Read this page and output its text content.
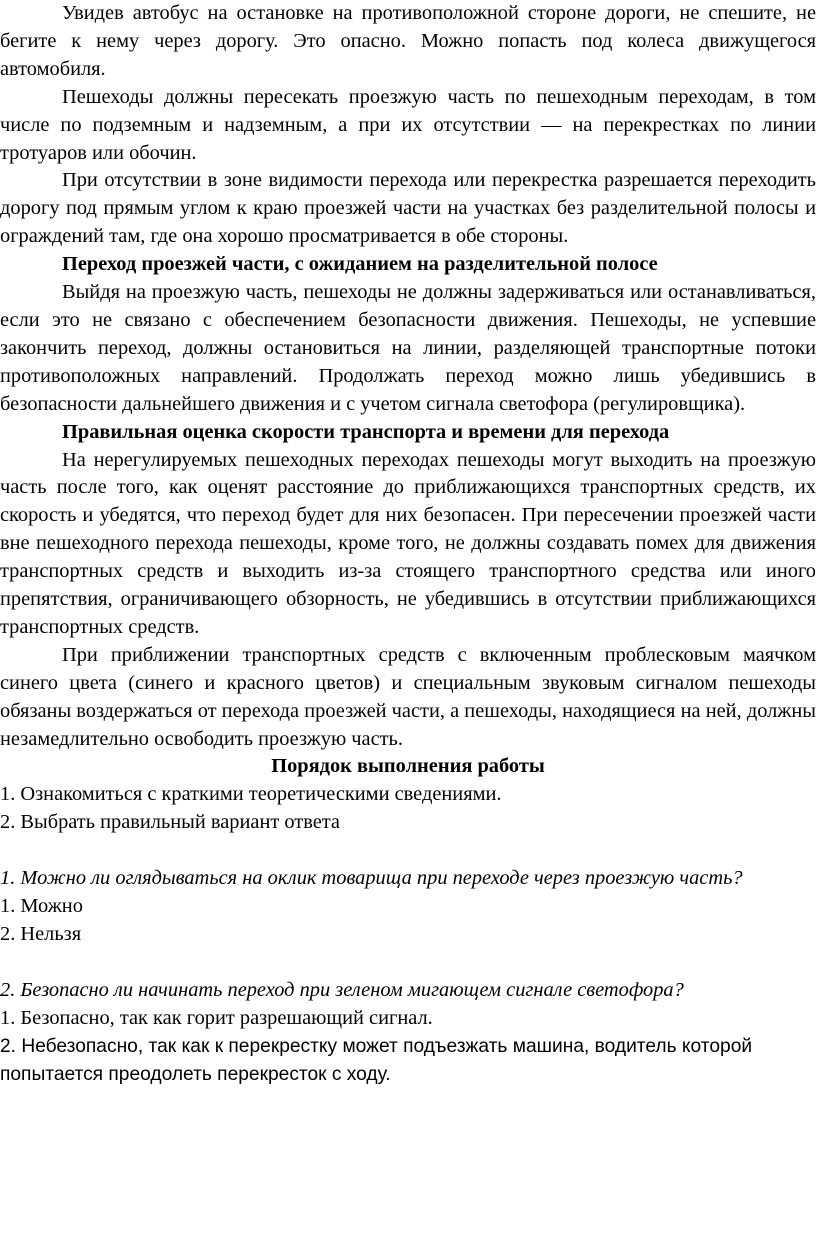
Увидев автобус на остановке на противоположной стороне дороги, не спешите, не бегите к нему через дорогу. Это опасно. Можно попасть под колеса движущегося автомобиля.

Пешеходы должны пересекать проезжую часть по пешеходным переходам, в том числе по подземным и надземным, а при их отсутствии — на перекрестках по линии тротуаров или обочин.

При отсутствии в зоне видимости перехода или перекрестка разрешается переходить дорогу под прямым углом к краю проезжей части на участках без разделительной полосы и ограждений там, где она хорошо просматривается в обе стороны.

Переход проезжей части, с ожиданием на разделительной полосе

Выйдя на проезжую часть, пешеходы не должны задерживаться или останавливаться, если это не связано с обеспечением безопасности движения. Пешеходы, не успевшие закончить переход, должны остановиться на линии, разделяющей транспортные потоки противоположных направлений. Продолжать переход можно лишь убедившись в безопасности дальнейшего движения и с учетом сигнала светофора (регулировщика).

Правильная оценка скорости транспорта и времени для перехода

На нерегулируемых пешеходных переходах пешеходы могут выходить на проезжую часть после того, как оценят расстояние до приближающихся транспортных средств, их скорость и убедятся, что переход будет для них безопасен. При пересечении проезжей части вне пешеходного перехода пешеходы, кроме того, не должны создавать помех для движения транспортных средств и выходить из-за стоящего транспортного средства или иного препятствия, ограничивающего обзорность, не убедившись в отсутствии приближающихся транспортных средств.

При приближении транспортных средств с включенным проблесковым маячком синего цвета (синего и красного цветов) и специальным звуковым сигналом пешеходы обязаны воздержаться от перехода проезжей части, а пешеходы, находящиеся на ней, должны незамедлительно освободить проезжую часть.

Порядок выполнения работы

1. Ознакомиться с краткими теоретическими сведениями.

2. Выбрать правильный вариант ответа

1. Можно ли оглядываться на оклик товарища при переходе через проезжую часть?

1. Можно

2. Нельзя

2. Безопасно ли начинать переход при зеленом мигающем сигнале светофора?

1. Безопасно, так как горит разрешающий сигнал.

2. Небезопасно, так как к перекрестку может подъезжать машина, водитель которой попытается преодолеть перекресток с ходу.
